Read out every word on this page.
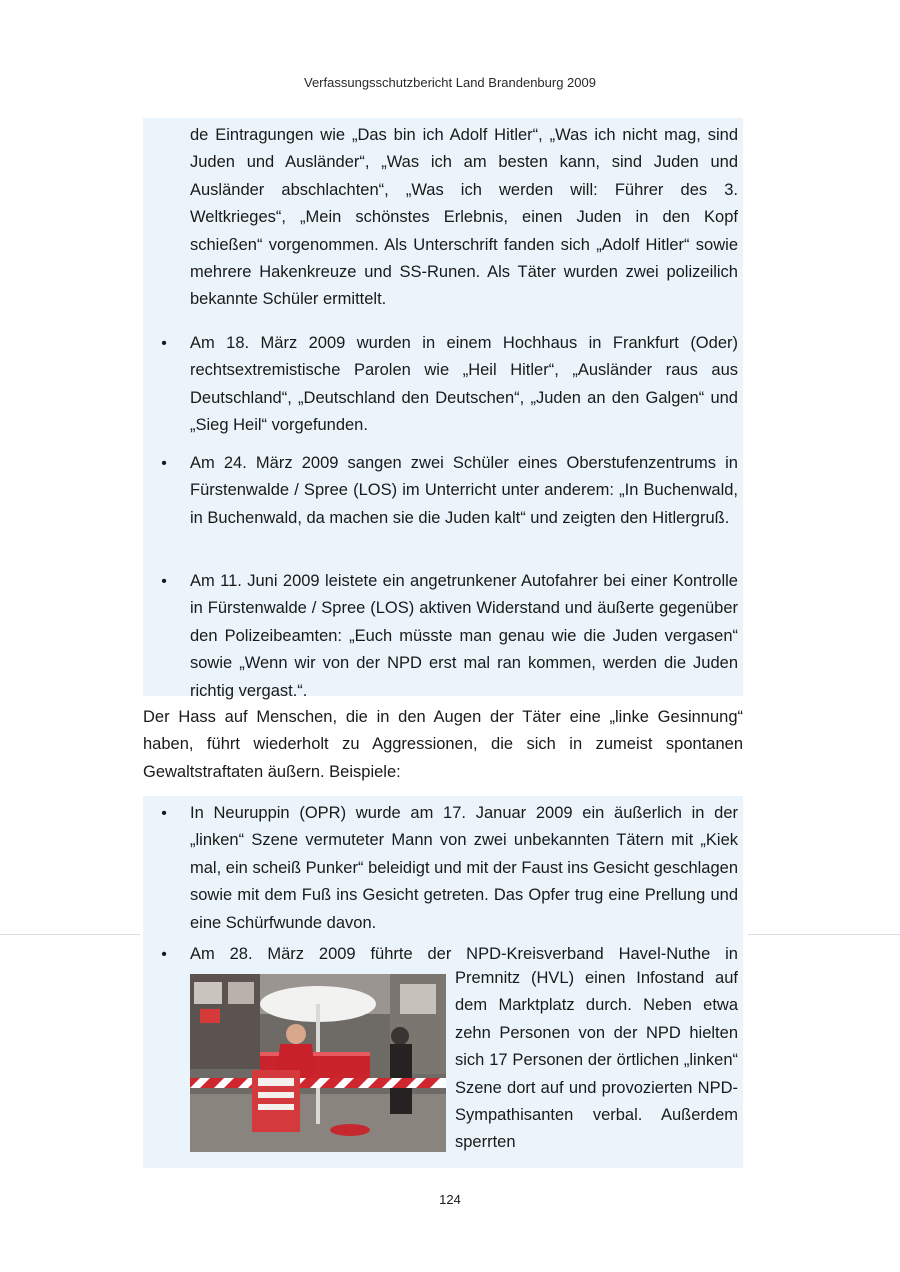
Verfassungsschutzbericht Land Brandenburg 2009
de Eintragungen wie „Das bin ich Adolf Hitler“, „Was ich nicht mag, sind Juden und Ausländer“, „Was ich am besten kann, sind Juden und Ausländer abschlachten“, „Was ich werden will: Führer des 3. Weltkrieges“, „Mein schönstes Erlebnis, einen Juden in den Kopf schießen“ vorgenommen. Als Unterschrift fanden sich „Adolf Hitler“ sowie mehrere Hakenkreuze und SS-Runen. Als Täter wurden zwei polizeilich bekannte Schüler ermittelt.
•	Am 18. März 2009 wurden in einem Hochhaus in Frankfurt (Oder) rechtsextremistische Parolen wie „Heil Hitler“, „Ausländer raus aus Deutschland“, „Deutschland den Deutschen“, „Juden an den Galgen“ und „Sieg Heil“ vorgefunden.
•	Am 24. März 2009 sangen zwei Schüler eines Oberstufenzentrums in Fürstenwalde / Spree (LOS) im Unterricht unter anderem: „In Buchenwald, in Buchenwald, da machen sie die Juden kalt“ und zeigten den Hitlergruß.
•	Am 11. Juni 2009 leistete ein angetrunkener Autofahrer bei einer Kontrolle in Fürstenwalde / Spree (LOS) aktiven Widerstand und äußerte gegenüber den Polizeibeamten: „Euch müsste man genau wie die Juden vergasen“ sowie „Wenn wir von der NPD erst mal ran kommen, werden die Juden richtig vergast.“.
Der Hass auf Menschen, die in den Augen der Täter eine „linke Gesinnung“ haben, führt wiederholt zu Aggressionen, die sich in zumeist spontanen Gewaltstraftaten äußern. Beispiele:
•	In Neuruppin (OPR) wurde am 17. Januar 2009 ein äußerlich in der „linken“ Szene vermuteter Mann von zwei unbekannten Tätern mit „Kiek mal, ein scheiß Punker“ beleidigt und mit der Faust ins Gesicht geschlagen sowie mit dem Fuß ins Gesicht getreten. Das Opfer trug eine Prellung und eine Schürfwunde davon.
•	Am 28. März 2009 führte der NPD-Kreisverband Havel-Nuthe in
Premnitz (HVL) einen Infostand auf dem Marktplatz durch. Neben etwa zehn Personen von der NPD hielten sich 17 Personen der örtlichen „linken“ Szene dort auf und provozierten NPD-Sympathisanten verbal. Außerdem sperrten
124
